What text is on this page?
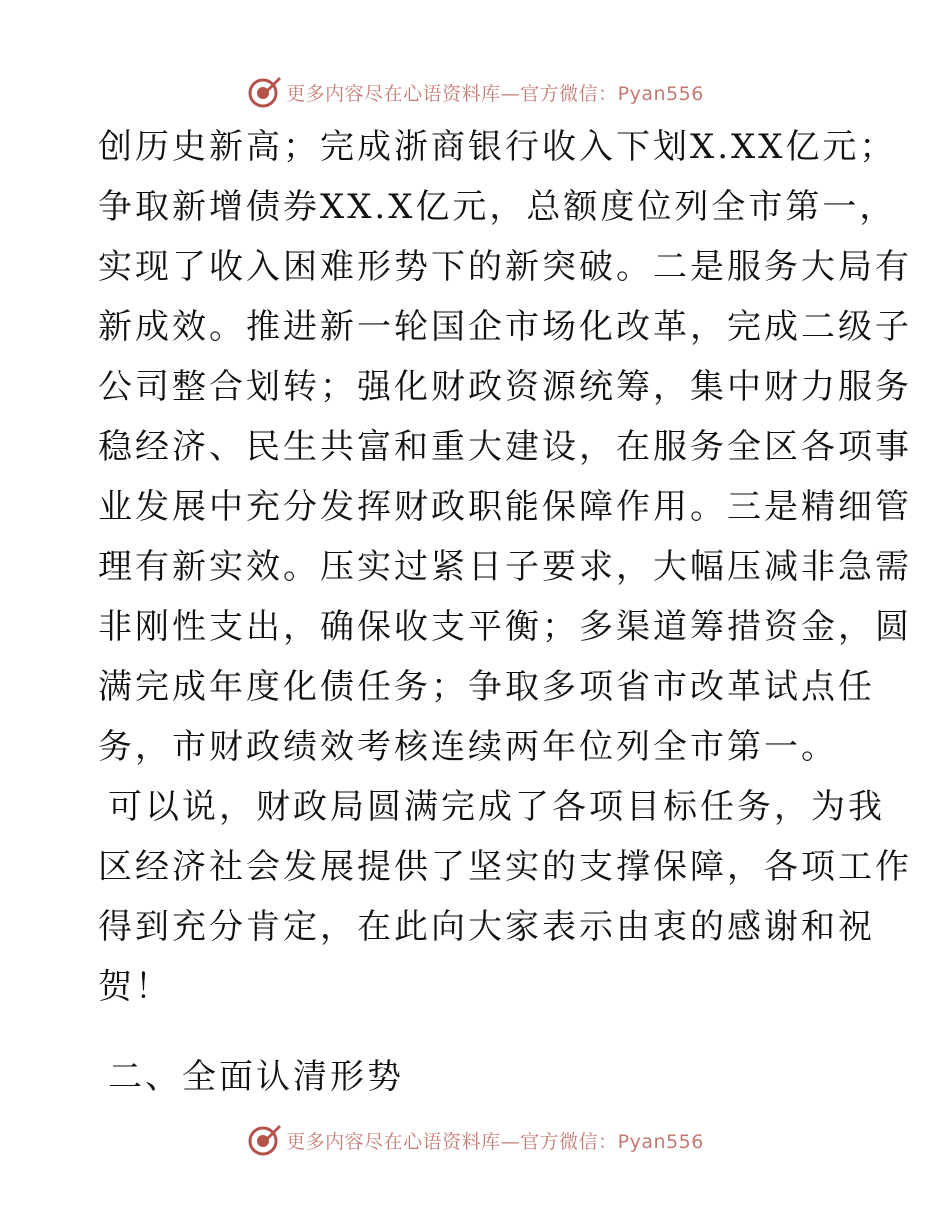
更多内容尽在心语资料库—官方微信：Pyan556
创历史新高；完成浙商银行收入下划X.XX亿元；
争取新增债券XX.X亿元，总额度位列全市第一，
实现了收入困难形势下的新突破。二是服务大局有
新成效。推进新一轮国企市场化改革，完成二级子
公司整合划转；强化财政资源统筹，集中财力服务
稳经济、民生共富和重大建设，在服务全区各项事
业发展中充分发挥财政职能保障作用。三是精细管
理有新实效。压实过紧日子要求，大幅压减非急需
非刚性支出，确保收支平衡；多渠道筹措资金，圆
满完成年度化债任务；争取多项省市改革试点任
务，市财政绩效考核连续两年位列全市第一。
可以说，财政局圆满完成了各项目标任务，为我
区经济社会发展提供了坚实的支撑保障，各项工作
得到充分肯定，在此向大家表示由衷的感谢和祝
贺！
二、全面认清形势
更多内容尽在心语资料库—官方微信：Pyan556
